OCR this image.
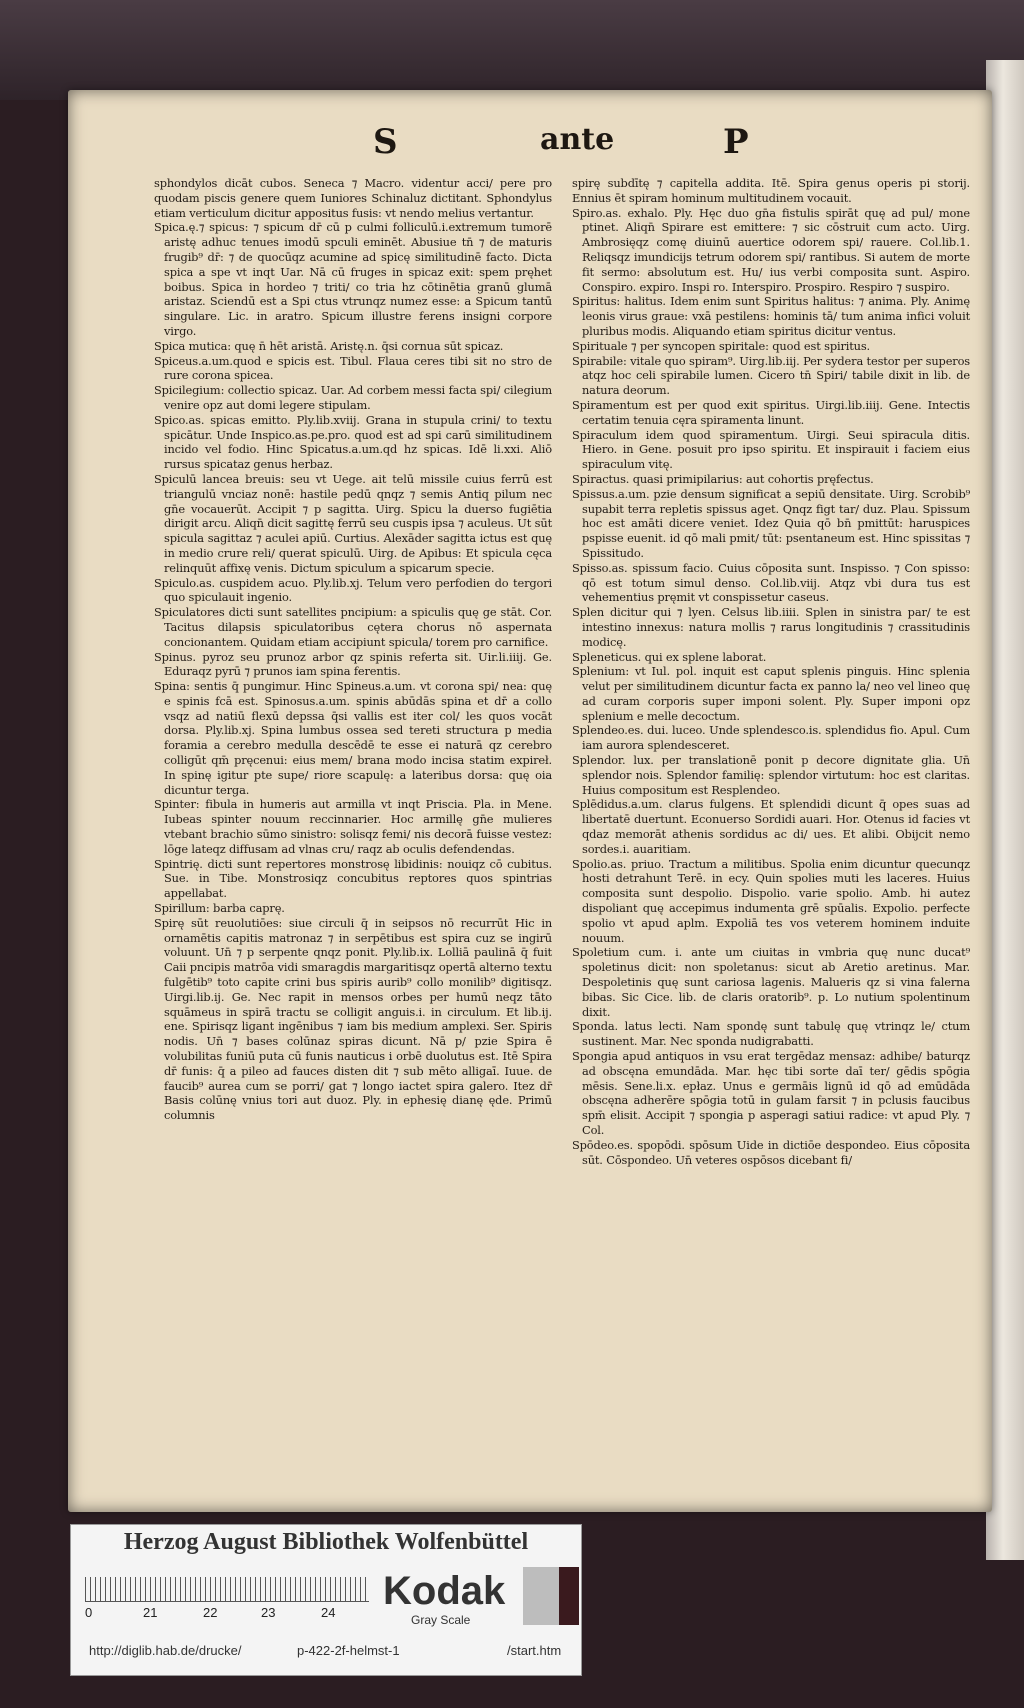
S	ante	P

sphondylos dicāt cubos. Seneca ⁊ Macro. videntur acci/ pere pro quodam piscis genere quem Iuniores Schinaluz dictitant. Sphondylus etiam verticulum dicitur appositus fusis: vt nendo melius vertantur.

Spica.ę.⁊ spicus: ⁊ spicum dr̄ cū p culmi folliculū.i.extremum tumorē aristę adhuc tenues imodū spculi eminēt. Abusiue tn̄ ⁊ de maturis frugib⁹ dr̄: ⁊ de quocūqz acumine ad spicę similitudinē facto. Dicta spica a spe vt inqt Uar. Nā cū fruges in spicaz exit: spem pręhet boibus. Spica in hordeo ⁊ triti/ co tria hz cōtinētia granū glumā aristaz. Sciendū est a Spi ctus vtrunqz numez esse: a Spicum tantū singulare. Lic. in aratro. Spicum illustre ferens insigni corpore virgo.

Spica mutica: quę n̄ hēt aristā. Aristę.n. q̄si cornua sūt spicaz.

Spiceus.a.um.quod e spicis est. Tibul. Flaua ceres tibi sit no stro de rure corona spicea.

Spicilegium: collectio spicaz. Uar. Ad corbem messi facta spi/ cilegium venire opz aut domi legere stipulam.

Spico.as. spicas emitto. Ply.lib.xviij. Grana in stupula crini/ to textu spicātur. Unde Inspico.as.pe.pro. quod est ad spi carū similitudinem incido vel fodio. Hinc Spicatus.a.um.qd hz spicas. Idē li.xxi. Aliō rursus spicataz genus herbaz.

Spiculū lancea breuis: seu vt Uege. ait telū missile cuius ferrū est triangulū vnciaz nonē: hastile pedū qnqz ⁊ semis Antiq pilum nec gn̄e vocauerūt. Accipit ⁊ p sagitta. Uirg. Spicu la duerso fugiētia dirigit arcu. Aliqn̄ dicit sagittę ferrū seu cuspis ipsa ⁊ aculeus. Ut sūt spicula sagittaz ⁊ aculei apiū. Curtius. Alexāder sagitta ictus est quę in medio crure reli/ querat spiculū. Uirg. de Apibus: Et spicula cęca relinquūt affixę venis. Dictum spiculum a spicarum specie.

Spiculo.as. cuspidem acuo. Ply.lib.xj. Telum vero perfodien do tergori quo spiculauit ingenio.

Spiculatores dicti sunt satellites pncipium: a spiculis quę ge stāt. Cor. Tacitus dilapsis spiculatoribus cętera chorus nō aspernata concionantem. Quidam etiam accipiunt spicula/ torem pro carnifice.

Spinus. pyroz seu prunoz arbor qz spinis referta sit. Uir.li.iiij. Ge. Eduraqz pyrū ⁊ prunos iam spina ferentis.

Spina: sentis q̄ pungimur. Hinc Spineus.a.um. vt corona spi/ nea: quę e spinis fcā est. Spinosus.a.um. spinis abūdās spina et dr̄ a collo vsqz ad natiū flexū depssa q̄si vallis est iter col/ les quos vocāt dorsa. Ply.lib.xj. Spina lumbus ossea sed tereti structura p media foramia a cerebro medulla descēdē te esse ei naturā qz cerebro colligūt qm̄ pręcenui: eius mem/ brana modo incisa statim expireł. In spinę igitur pte supe/ riore scapulę: a lateribus dorsa: quę oia dicuntur terga.

Spinter: fibula in humeris aut armilla vt inqt Priscia. Pla. in Mene. Iubeas spinter nouum reccinnarier. Hoc armillę gn̄e mulieres vtebant brachio sūmo sinistro: solisqz femi/ nis decorā fuisse vestez: lōge lateqz diffusam ad vlnas cru/ raqz ab oculis defendendas.

Spintrię. dicti sunt repertores monstrosę libidinis: nouiqz cō cubitus. Sue. in Tibe. Monstrosiqz concubitus reptores quos spintrias appellabat.

Spirillum: barba caprę.

Spirę sūt reuolutiōes: siue circuli q̄ in seipsos nō recurrūt Hic in ornamētis capitis matronaz ⁊ in serpētibus est spira cuz se ingirū voluunt. Un̄ ⁊ p serpente qnqz ponit. Ply.lib.ix. Lolliā paulinā q̄ fuit Caii pncipis matrōa vidi smaragdis margaritisqz opertā alterno textu fulgētib⁹ toto capite crini bus spiris aurib⁹ collo monilib⁹ digitisqz. Uirgi.lib.ij. Ge. Nec rapit in mensos orbes per humū neqz tāto squāmeus in spirā tractu se colligit anguis.i. in circulum. Et lib.ij. ene. Spirisqz ligant ingēnibus ⁊ iam bis medium amplexi. Ser. Spiris nodis. Un̄ ⁊ bases colūnaz spiras dicunt. Nā p/ pzie Spira ē volubilitas funiū puta cū funis nauticus i orbē duolutus est. Itē Spira dr̄ funis: q̄ a pileo ad fauces disten dit ⁊ sub mēto alligaī. Iuue. de faucib⁹ aurea cum se porri/ gat ⁊ longo iactet spira galero. Itez dr̄ Basis colūnę vnius tori aut duoz. Ply. in ephesię dianę ęde. Primū columnis

spirę subdītę ⁊ capitella addita. Itē. Spira genus operis pi storij. Ennius ēt spiram hominum multitudinem vocauit.

Spiro.as. exhalo. Ply. Hęc duo gn̄a fistulis spirāt quę ad pul/ mone ptinet. Aliqn̄ Spirare est emittere: ⁊ sic cōstruit cum acto. Uirg. Ambrosięqz comę diuinū auertice odorem spi/ rauere. Col.lib.1. Reliqsqz imundicijs tetrum odorem spi/ rantibus. Si autem de morte fit sermo: absolutum est. Hu/ ius verbi composita sunt. Aspiro. Conspiro. expiro. Inspi ro. Interspiro. Prospiro. Respiro ⁊ suspiro.

Spiritus: halitus. Idem enim sunt Spiritus halitus: ⁊ anima. Ply. Animę leonis virus graue: vxā pestilens: hominis tā/ tum anima infici voluit pluribus modis. Aliquando etiam spiritus dicitur ventus.

Spirituale ⁊ per syncopen spiritale: quod est spiritus.

Spirabile: vitale quo spiram⁹. Uirg.lib.iij. Per sydera testor per superos atqz hoc celi spirabile lumen. Cicero tn̄ Spiri/ tabile dixit in lib. de natura deorum.

Spiramentum est per quod exit spiritus. Uirgi.lib.iiij. Gene. Intectis certatim tenuia cęra spiramenta linunt.

Spiraculum idem quod spiramentum. Uirgi. Seui spiracula ditis. Hiero. in Gene. posuit pro ipso spiritu. Et inspirauit i faciem eius spiraculum vitę.

Spiractus. quasi primipilarius: aut cohortis pręfectus.

Spissus.a.um. pzie densum significat a sepiū densitate. Uirg. Scrobib⁹ supabit terra repletis spissus aget. Qnqz figt tar/ duz. Plau. Spissum hoc est amāti dicere veniet. Idez Quia qō bn̄ pmittūt: haruspices pspisse euenit. id qō mali pmit/ tūt: psentaneum est. Hinc spissitas ⁊ Spissitudo.

Spisso.as. spissum facio. Cuius cōposita sunt. Inspisso. ⁊ Con spisso: qō est totum simul denso. Col.lib.viij. Atqz vbi dura tus est vehementius pręmit vt conspissetur caseus.

Splen dicitur qui ⁊ lyen. Celsus lib.iiii. Splen in sinistra par/ te est intestino innexus: natura mollis ⁊ rarus longitudinis ⁊ crassitudinis modicę.

Spleneticus. qui ex splene laborat.

Splenium: vt Iul. pol. inquit est caput splenis pinguis. Hinc splenia velut per similitudinem dicuntur facta ex panno la/ neo vel lineo quę ad curam corporis super imponi solent. Ply. Super imponi opz splenium e melle decoctum.

Splendeo.es. dui. luceo. Unde splendesco.is. splendidus fio. Apul. Cum iam aurora splendesceret.

Splendor. lux. per translationē ponit p decore dignitate glia. Un̄ splendor nois. Splendor familię: splendor virtutum: hoc est claritas. Huius compositum est Resplendeo.

Splēdidus.a.um. clarus fulgens. Et splendidi dicunt q̄ opes suas ad libertatē duertunt. Econuerso Sordidi auari. Hor. Otenus id facies vt qdaz memorāt athenis sordidus ac di/ ues. Et alibi. Obijcit nemo sordes.i. auaritiam.

Spolio.as. priuo. Tractum a militibus. Spolia enim dicuntur quecunqz hosti detrahunt Terē. in ecy. Quin spolies muti les laceres. Huius composita sunt despolio. Dispolio. varie spolio. Amb. hi autez dispoliant quę accepimus indumenta grē spūalis. Expolio. perfecte spolio vt apud aplm. Expoliā tes vos veterem hominem induite nouum.

Spoletium cum. i. ante um ciuitas in vmbria quę nunc ducat⁹ spoletinus dicit: non spoletanus: sicut ab Aretio aretinus. Mar. Despoletinis quę sunt cariosa lagenis. Malueris qz si vina falerna bibas. Sic Cice. lib. de claris oratorib⁹. p. Lo nutium spolentinum dixit.

Sponda. latus lecti. Nam spondę sunt tabulę quę vtrinqz le/ ctum sustinent. Mar. Nec sponda nudigrabatti.

Spongia apud antiquos in vsu erat tergēdaz mensaz: adhibe/ baturqz ad obscęna emundāda. Mar. hęc tibi sorte daī ter/ gēdis spōgia mēsis. Sene.li.x. epłaz. Unus e germāis lignū id qō ad emūdāda obscęna adherēre spōgia totū in gulam farsit ⁊ in pclusis faucibus spm̄ elisit. Accipit ⁊ spongia p asperagi satiui radice: vt apud Ply. ⁊ Col.

Spōdeo.es. spopōdi. spōsum Uide in dictiōe despondeo. Eius cōposita sūt. Cōspondeo. Un̄ veteres ospōsos dicebant fi/

Herzog August Bibliothek Wolfenbüttel
0	21	22	23	24 Kodak
Gray Scale
http://diglib.hab.de/drucke/	p-422-2f-helmst-1	/start.htm
